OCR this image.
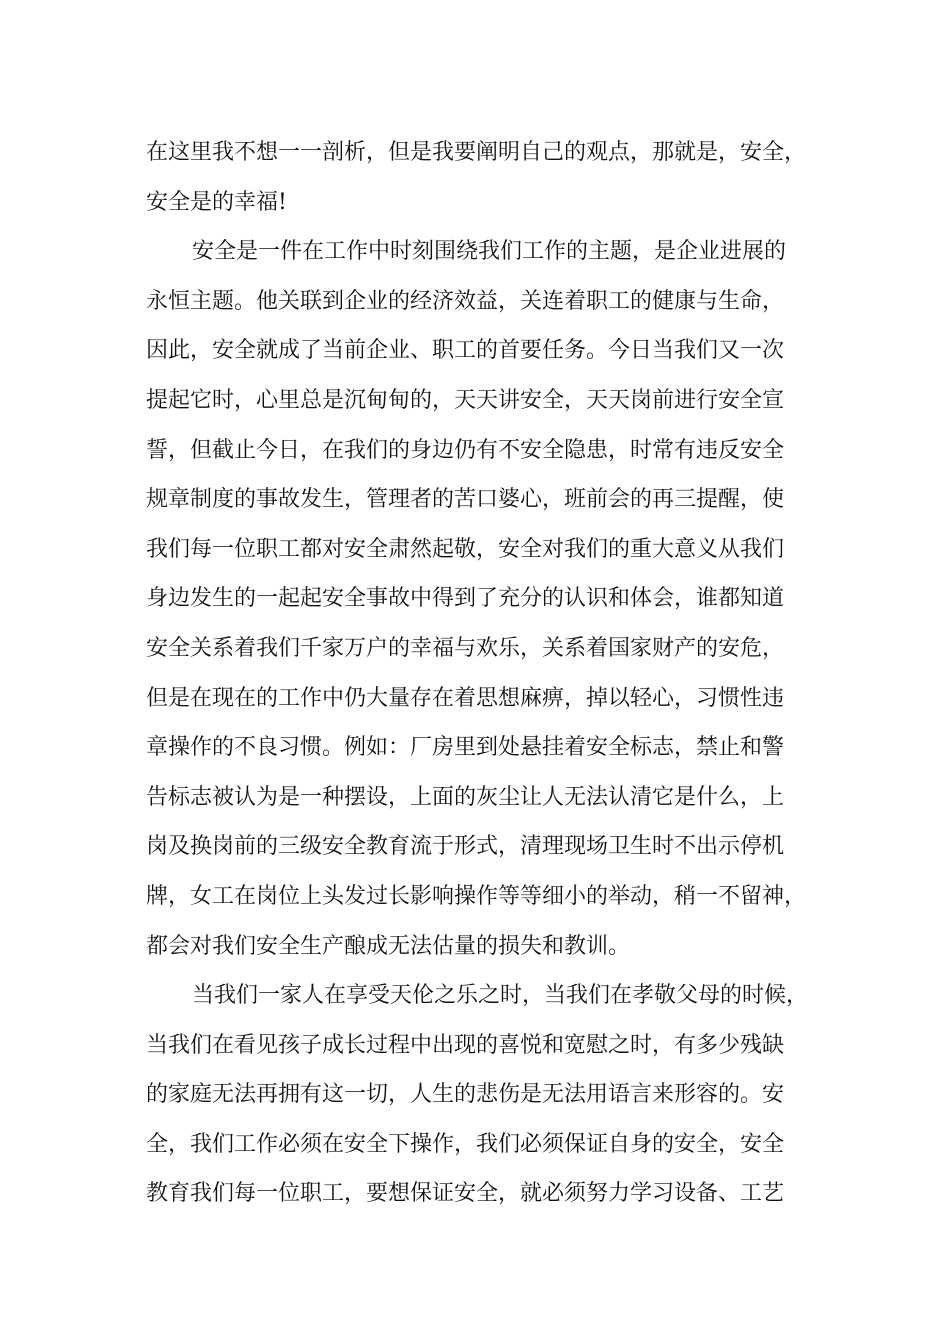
在这里我不想一一剖析，但是我要阐明自己的观点，那就是，安全，
安全是的幸福!
安全是一件在工作中时刻围绕我们工作的主题，是企业进展的
永恒主题。他关联到企业的经济效益，关连着职工的健康与生命，
因此，安全就成了当前企业、职工的首要任务。今日当我们又一次
提起它时，心里总是沉甸甸的，天天讲安全，天天岗前进行安全宣
誓，但截止今日，在我们的身边仍有不安全隐患，时常有违反安全
规章制度的事故发生，管理者的苦口婆心，班前会的再三提醒，使
我们每一位职工都对安全肃然起敬，安全对我们的重大意义从我们
身边发生的一起起安全事故中得到了充分的认识和体会，谁都知道
安全关系着我们千家万户的幸福与欢乐，关系着国家财产的安危，
但是在现在的工作中仍大量存在着思想麻痹，掉以轻心，习惯性违
章操作的不良习惯。例如：厂房里到处悬挂着安全标志，禁止和警
告标志被认为是一种摆设，上面的灰尘让人无法认清它是什么，上
岗及换岗前的三级安全教育流于形式，清理现场卫生时不出示停机
牌，女工在岗位上头发过长影响操作等等细小的举动，稍一不留神，
都会对我们安全生产酿成无法估量的损失和教训。
当我们一家人在享受天伦之乐之时，当我们在孝敬父母的时候，
当我们在看见孩子成长过程中出现的喜悦和宽慰之时，有多少残缺
的家庭无法再拥有这一切，人生的悲伤是无法用语言来形容的。安
全，我们工作必须在安全下操作，我们必须保证自身的安全，安全
教育我们每一位职工，要想保证安全，就必须努力学习设备、工艺
